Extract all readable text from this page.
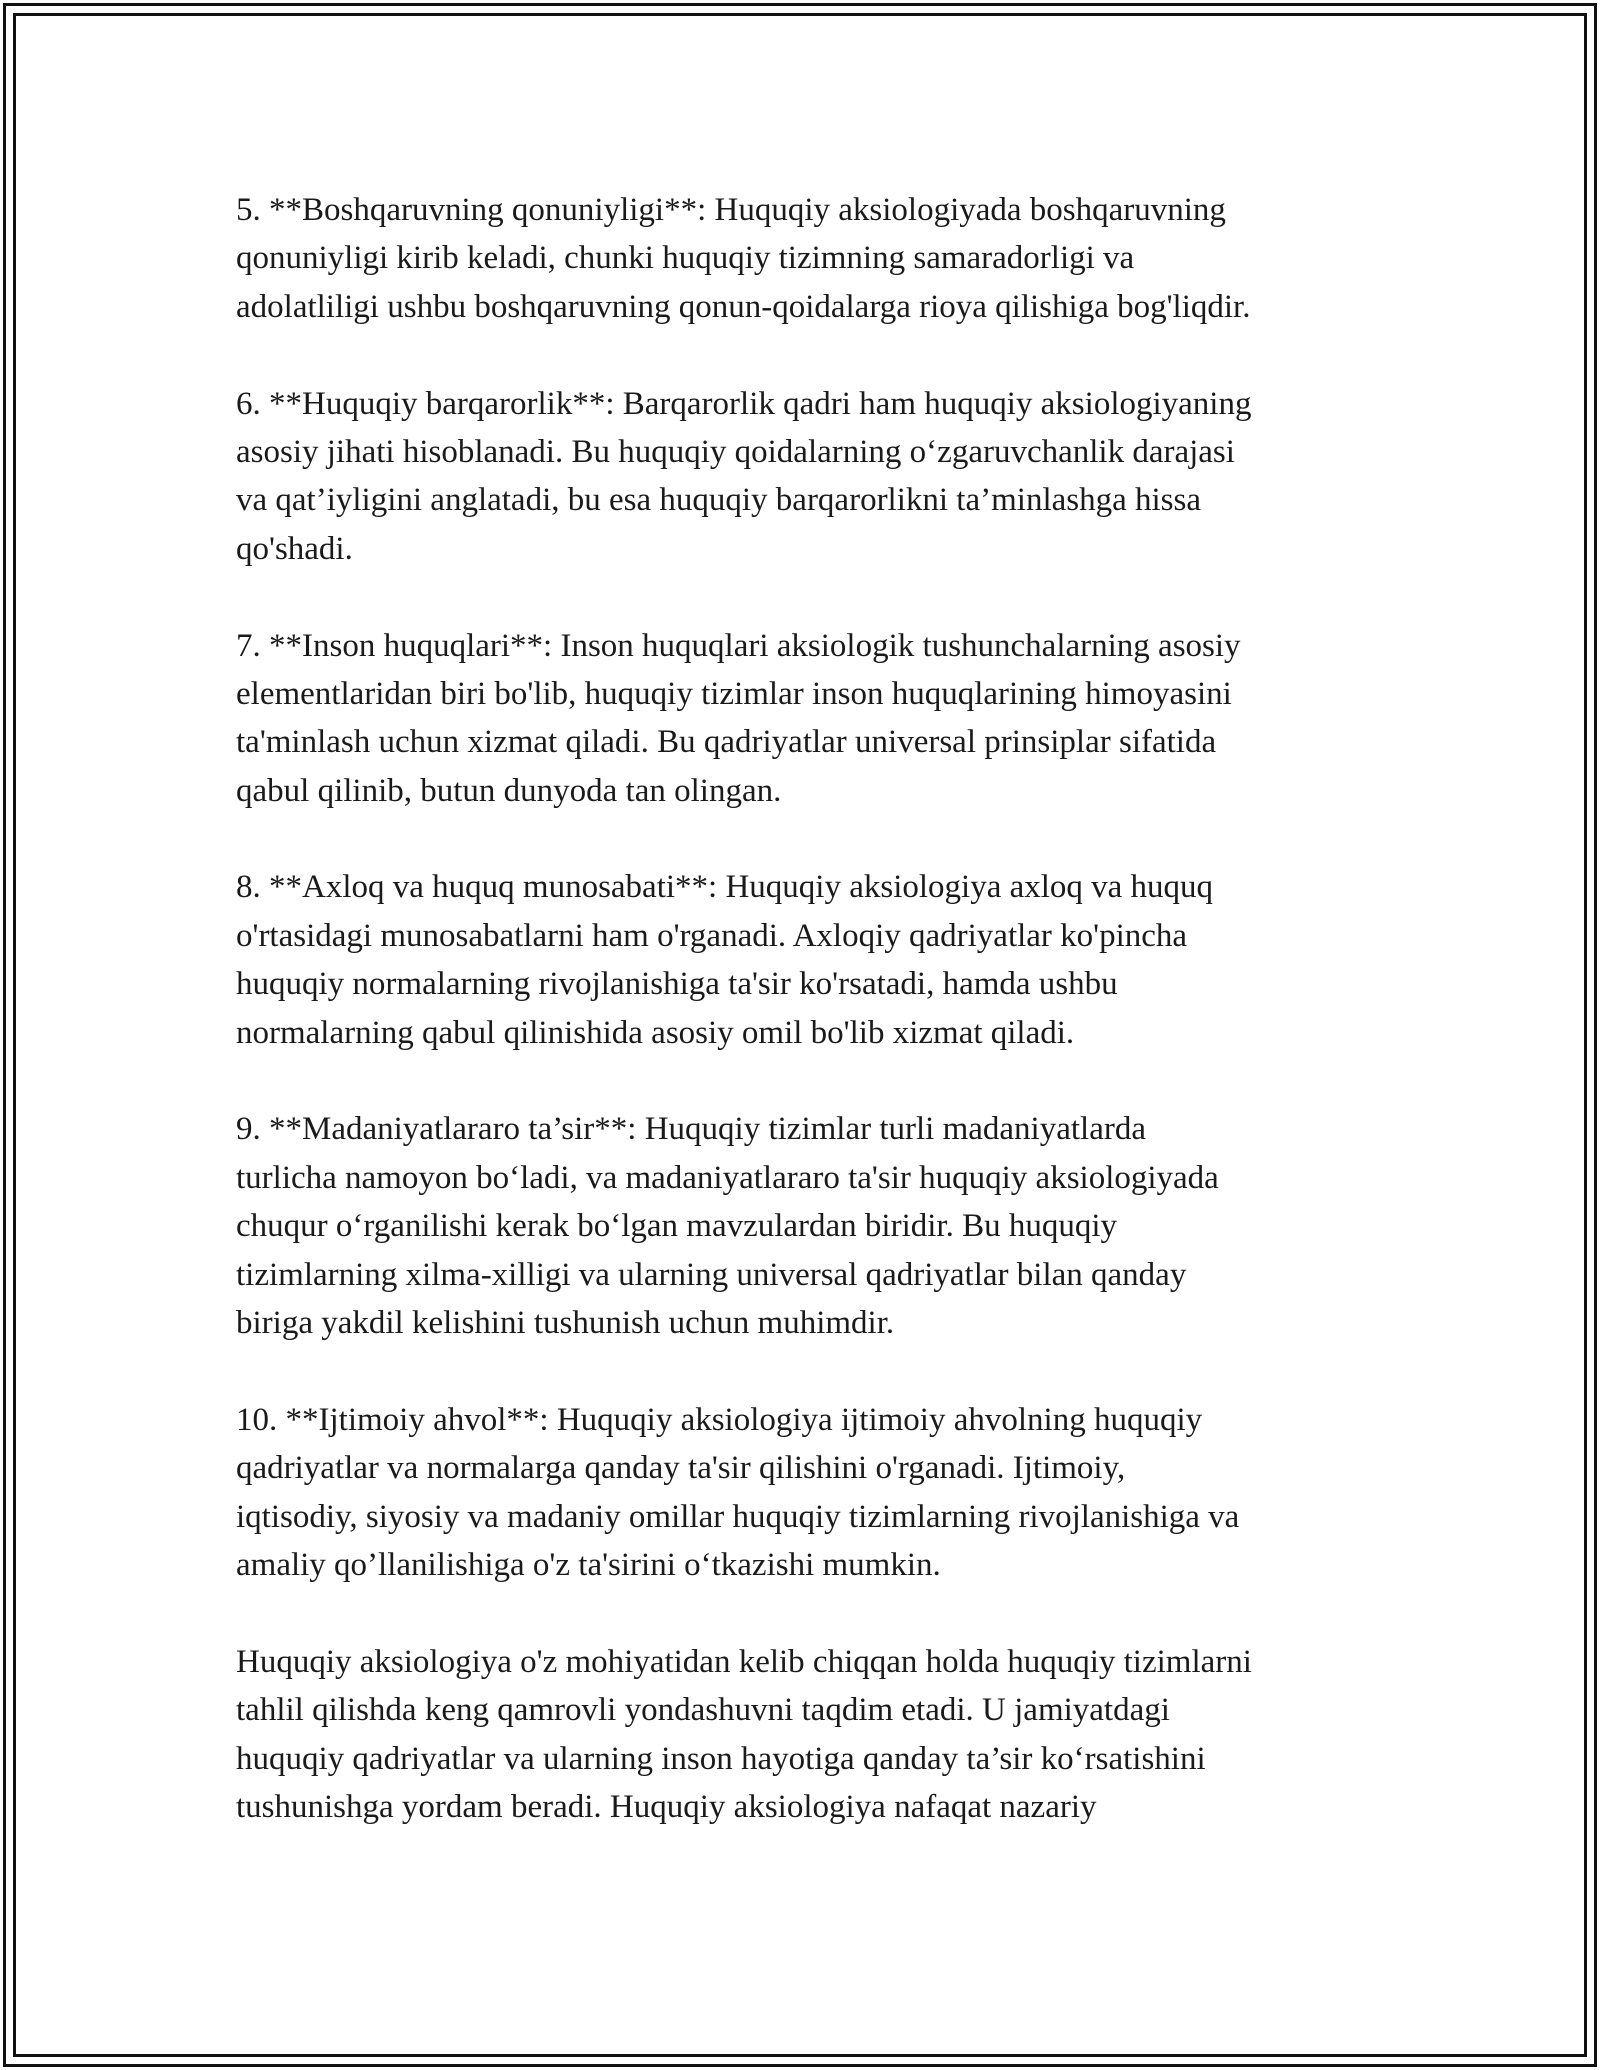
5. **Boshqaruvning qonuniyligi**: Huquqiy aksiologiyada boshqaruvning
qonuniyligi kirib keladi, chunki huquqiy tizimning samaradorligi va
adolatliligi ushbu boshqaruvning qonun-qoidalarga rioya qilishiga bog'liqdir.
6. **Huquqiy barqarorlik**: Barqarorlik qadri ham huquqiy aksiologiyaning
asosiy jihati hisoblanadi. Bu huquqiy qoidalarning o‘zgaruvchanlik darajasi
va qat’iyligini anglatadi, bu esa huquqiy barqarorlikni ta’minlashga hissa
qo'shadi.
7. **Inson huquqlari**: Inson huquqlari aksiologik tushunchalarning asosiy
elementlaridan biri bo'lib, huquqiy tizimlar inson huquqlarining himoyasini
ta'minlash uchun xizmat qiladi. Bu qadriyatlar universal prinsiplar sifatida
qabul qilinib, butun dunyoda tan olingan.
8. **Axloq va huquq munosabati**: Huquqiy aksiologiya axloq va huquq
o'rtasidagi munosabatlarni ham o'rganadi. Axloqiy qadriyatlar ko'pincha
huquqiy normalarning rivojlanishiga ta'sir ko'rsatadi, hamda ushbu
normalarning qabul qilinishida asosiy omil bo'lib xizmat qiladi.
9. **Madaniyatlararo ta’sir**: Huquqiy tizimlar turli madaniyatlarda
turlicha namoyon bo‘ladi, va madaniyatlararo ta'sir huquqiy aksiologiyada
chuqur o‘rganilishi kerak bo‘lgan mavzulardan biridir. Bu huquqiy
tizimlarning xilma-xilligi va ularning universal qadriyatlar bilan qanday
biriga yakdil kelishini tushunish uchun muhimdir.
10. **Ijtimoiy ahvol**: Huquqiy aksiologiya ijtimoiy ahvolning huquqiy
qadriyatlar va normalarga qanday ta'sir qilishini o'rganadi. Ijtimoiy,
iqtisodiy, siyosiy va madaniy omillar huquqiy tizimlarning rivojlanishiga va
amaliy qo’llanilishiga o'z ta'sirini o‘tkazishi mumkin.
Huquqiy aksiologiya o'z mohiyatidan kelib chiqqan holda huquqiy tizimlarni
tahlil qilishda keng qamrovli yondashuvni taqdim etadi. U jamiyatdagi
huquqiy qadriyatlar va ularning inson hayotiga qanday ta’sir ko‘rsatishini
tushunishga yordam beradi. Huquqiy aksiologiya nafaqat nazariy
